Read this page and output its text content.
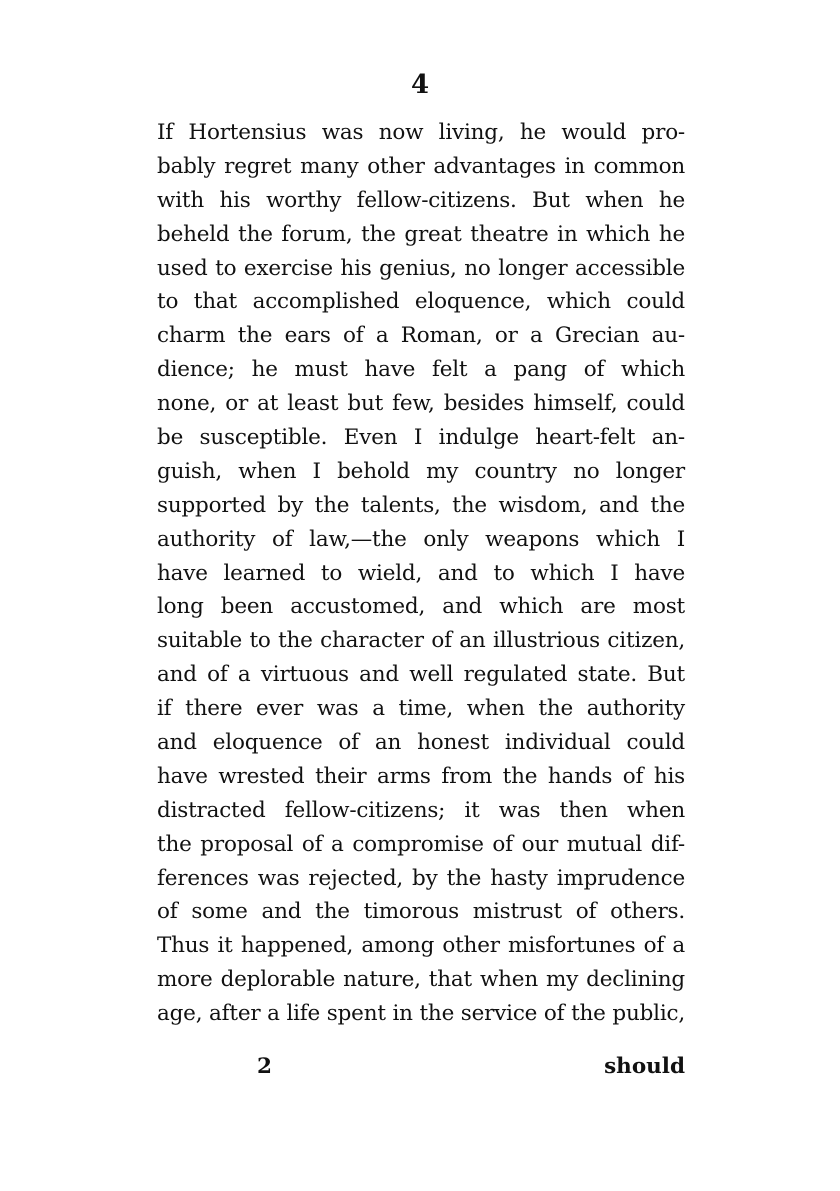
4
If Hortensius was now living, he would pro-
bably regret many other advantages in common
with his worthy fellow-citizens. But when he
beheld the forum, the great theatre in which he
used to exercise his genius, no longer accessible
to that accomplished eloquence, which could
charm the ears of a Roman, or a Grecian au-
dience; he must have felt a pang of which
none, or at least but few, besides himself, could
be susceptible. Even I indulge heart-felt an-
guish, when I behold my country no longer
supported by the talents, the wisdom, and the
authority of law,—the only weapons which I
have learned to wield, and to which I have
long been accustomed, and which are most
suitable to the character of an illustrious citizen,
and of a virtuous and well regulated state. But
if there ever was a time, when the authority
and eloquence of an honest individual could
have wrested their arms from the hands of his
distracted fellow-citizens; it was then when
the proposal of a compromise of our mutual dif-
ferences was rejected, by the hasty imprudence
of some and the timorous mistrust of others.
Thus it happened, among other misfortunes of a
more deplorable nature, that when my declining
age, after a life spent in the service of the public,
2	should
